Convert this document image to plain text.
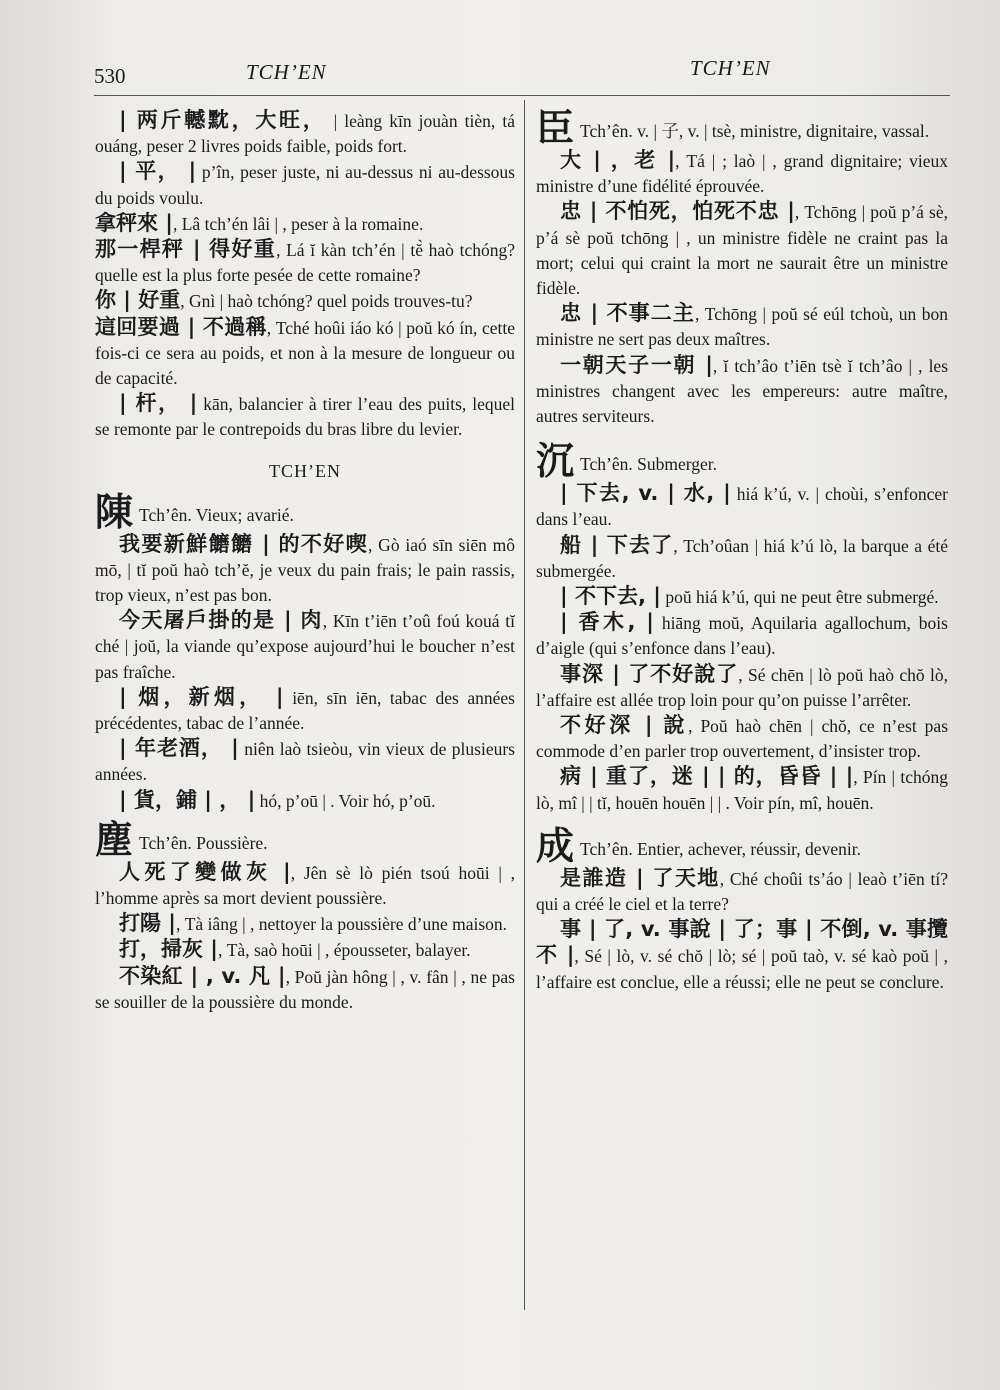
530	TCH’EN	TCH’EN

| 两斤轗黕，大旺， | leàng kīn jouàn tièn, tá ouáng, peser 2 livres poids faible, poids fort.

| 平， | p’în, peser juste, ni au-dessus ni au-dessous du poids voulu.

拿秤來 |, Lâ tch’én lâi | , peser à la romaine.

那一桿秤 | 得好重, Lá ĭ kàn tch’én | tĕ̀ haò tchóng? quelle est la plus forte pesée de cette romaine?

你 | 好重, Gnì | haò tchóng? quel poids trouves-tu?

這回要過 | 不過稱, Tché hoûi iáo kó | poŭ kó ín, cette fois-ci ce sera au poids, et non à la mesure de longueur ou de capacité.

| 杆， | kān, balancier à tirer l’eau des puits, lequel se remonte par le contrepoids du bras libre du levier.

TCH’EN

陳 Tch’ên. Vieux; avarié.

我要新鮮饝饝 | 的不好喫, Gò iaó sīn siēn mô mō, | tĭ poŭ haò tch’ĕ, je veux du pain frais; le pain rassis, trop vieux, n’est pas bon.

今天屠戶掛的是 | 肉, Kīn t’iēn t’oû foú kouá tĭ ché | joŭ, la viande qu’expose aujourd’hui le boucher n’est pas fraîche.

| 烟，新烟， | iēn, sīn iēn, tabac des années précédentes, tabac de l’année.

| 年老酒， | niên laò tsieòu, vin vieux de plusieurs années.

| 貨，鋪 | ， | hó, p’oū | . Voir hó, p’oū.

塵 Tch’ên. Poussière.

人死了變做灰 |, Jên sè lò pién tsoú hoūi | , l’homme après sa mort devient poussière.

打陽 |, Tà iâng | , nettoyer la poussière d’une maison.

打，掃灰 |, Tà, saò hoūi | , épousseter, balayer.

不染紅 | , v. 凡 |, Poŭ jàn hông | , v. fân | , ne pas se souiller de la poussière du monde.

臣 Tch’ên. v. | 子, v. | tsè, ministre, dignitaire, vassal.

大 | ，老 |, Tá | ; laò | , grand dignitaire; vieux ministre d’une fidélité éprouvée.

忠 | 不怕死，怕死不忠 |, Tchōng | poŭ p’á sè, p’á sè poŭ tchōng | , un ministre fidèle ne craint pas la mort; celui qui craint la mort ne saurait être un ministre fidèle.

忠 | 不事二主, Tchōng | poŭ sé eúl tchoù, un bon ministre ne sert pas deux maîtres.

一朝天子一朝 |, ĭ tch’âo t’iēn tsè ĭ tch’âo | , les ministres changent avec les empereurs: autre maître, autres serviteurs.

沉 Tch’ên. Submerger.

| 下去, v. | 水, | hiá k’ú, v. | choùi, s’enfoncer dans l’eau.

船 | 下去了, Tch’oûan | hiá k’ú lò, la barque a été submergée.

| 不下去, | poŭ hiá k’ú, qui ne peut être submergé.

| 香木, | hiāng moŭ, Aquilaria agallochum, bois d’aigle (qui s’enfonce dans l’eau).

事深 | 了不好說了, Sé chēn | lò poŭ haò chŏ lò, l’affaire est allée trop loin pour qu’on puisse l’arrêter.

不好深 | 說, Poŭ haò chēn | chŏ, ce n’est pas commode d’en parler trop ouvertement, d’insister trop.

病 | 重了，迷 | | 的，昏昏 | |, Pín | tchóng lò, mî | | tĭ, houēn houēn | | . Voir pín, mî, houēn.

成 Tch’ên. Entier, achever, réussir, devenir.

是誰造 | 了天地, Ché choûi ts’áo | leaò t’iēn tí? qui a créé le ciel et la terre?

事 | 了, v. 事說 | 了；事 | 不倒, v. 事攬不 |, Sé | lò, v. sé chŏ | lò; sé | poŭ taò, v. sé kaò poŭ | , l’affaire est conclue, elle a réussi; elle ne peut se conclure.
